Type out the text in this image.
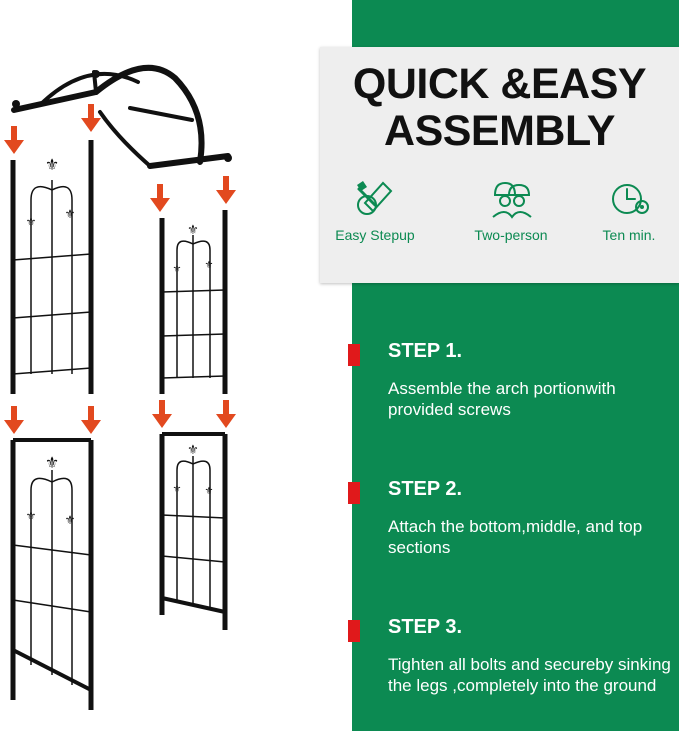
⚜
⚜
⚜
⚜
⚜ ⚜
⚜
⚜ ⚜
⚜
⚜ ⚜
QUICK &EASY
ASSEMBLY
Easy Stepup	Two-person	Ten min.
STEP 1.
Assemble the arch portionwith provided screws
STEP 2.
Attach the bottom,middle, and top sections
STEP 3.
Tighten all bolts and secureby sinking the legs ,completely into the ground
